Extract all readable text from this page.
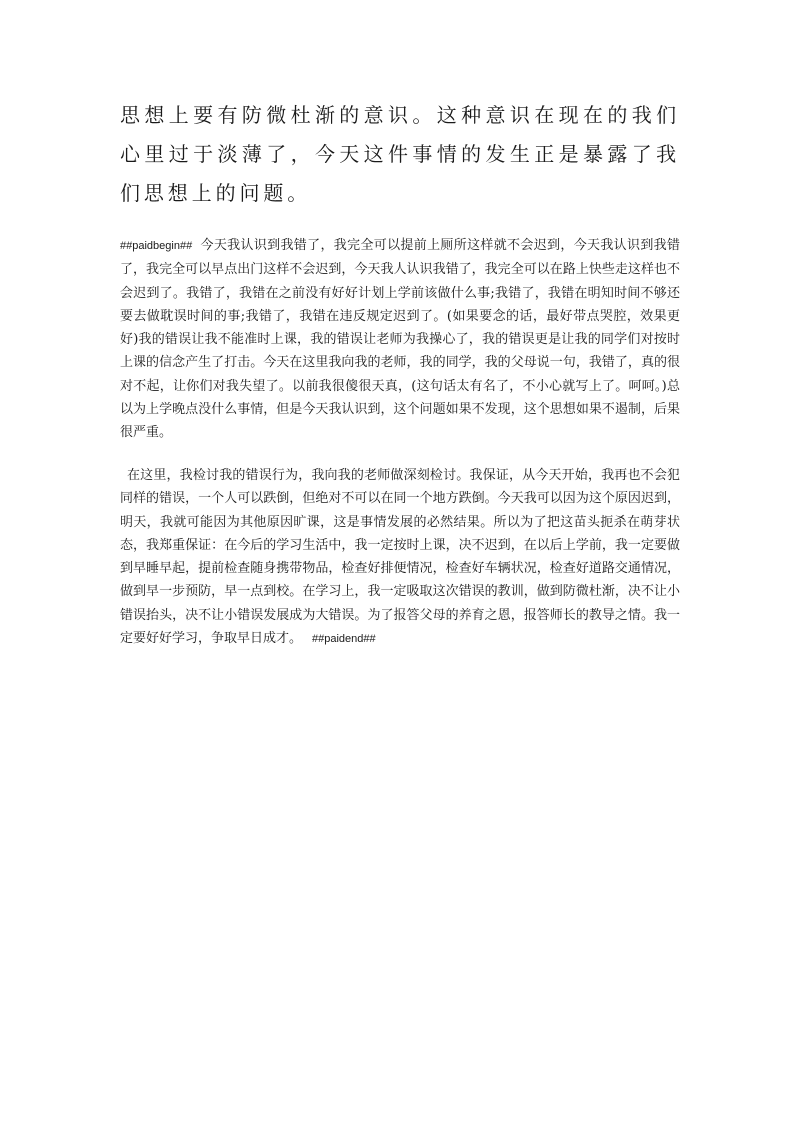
思想上要有防微杜渐的意识。这种意识在现在的我们心里过于淡薄了，今天这件事情的发生正是暴露了我们思想上的问题。

##paidbegin## 今天我认识到我错了，我完全可以提前上厕所这样就不会迟到，今天我认识到我错了，我完全可以早点出门这样不会迟到，今天我人认识我错了，我完全可以在路上快些走这样也不会迟到了。我错了，我错在之前没有好好计划上学前该做什么事;我错了，我错在明知时间不够还要去做耽误时间的事;我错了，我错在违反规定迟到了。(如果要念的话，最好带点哭腔，效果更好)我的错误让我不能准时上课，我的错误让老师为我操心了，我的错误更是让我的同学们对按时上课的信念产生了打击。今天在这里我向我的老师，我的同学，我的父母说一句，我错了，真的很对不起，让你们对我失望了。以前我很傻很天真，(这句话太有名了，不小心就写上了。呵呵。)总以为上学晚点没什么事情，但是今天我认识到，这个问题如果不发现，这个思想如果不遏制，后果很严重。

在这里，我检讨我的错误行为，我向我的老师做深刻检讨。我保证，从今天开始，我再也不会犯同样的错误，一个人可以跌倒，但绝对不可以在同一个地方跌倒。今天我可以因为这个原因迟到，明天，我就可能因为其他原因旷课，这是事情发展的必然结果。所以为了把这苗头扼杀在萌芽状态，我郑重保证：在今后的学习生活中，我一定按时上课，决不迟到，在以后上学前，我一定要做到早睡早起，提前检查随身携带物品，检查好排便情况，检查好车辆状况，检查好道路交通情况，做到早一步预防，早一点到校。在学习上，我一定吸取这次错误的教训，做到防微杜渐，决不让小错误抬头，决不让小错误发展成为大错误。为了报答父母的养育之恩，报答师长的教导之情。我一定要好好学习，争取早日成才。 ##paidend##
